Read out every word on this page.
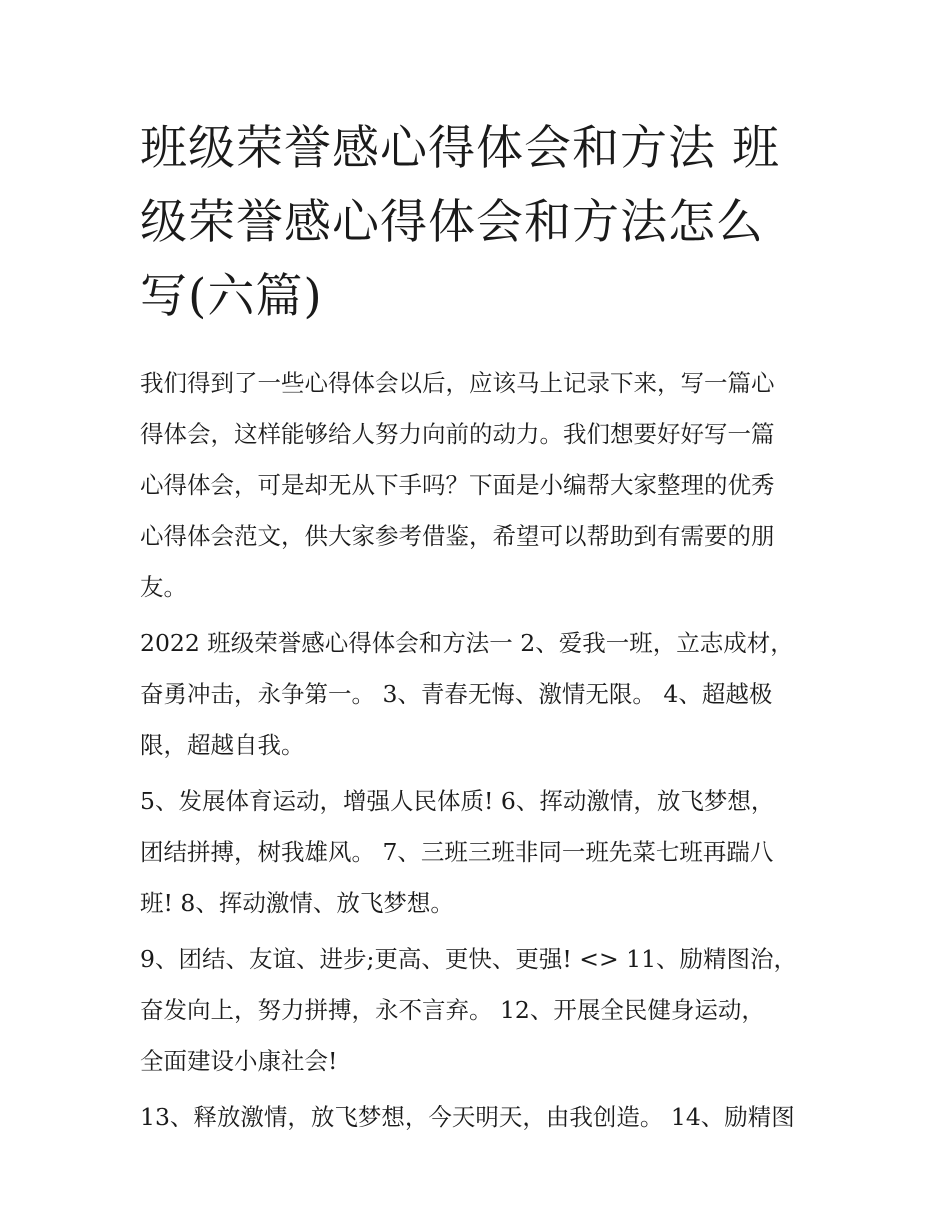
班级荣誉感心得体会和方法 班
级荣誉感心得体会和方法怎么
写(六篇)

我们得到了一些心得体会以后，应该马上记录下来，写一篇心
得体会，这样能够给人努力向前的动力。我们想要好好写一篇
心得体会，可是却无从下手吗？下面是小编帮大家整理的优秀
心得体会范文，供大家参考借鉴，希望可以帮助到有需要的朋
友。

2022 班级荣誉感心得体会和方法一 2、爱我一班，立志成材，
奋勇冲击，永争第一。 3、青春无悔、激情无限。 4、超越极
限，超越自我。

5、发展体育运动，增强人民体质! 6、挥动激情，放飞梦想，
团结拼搏，树我雄风。 7、三班三班非同一班先菜七班再踹八
班! 8、挥动激情、放飞梦想。

9、团结、友谊、进步;更高、更快、更强! <> 11、励精图治，
奋发向上，努力拼搏，永不言弃。 12、开展全民健身运动，
全面建设小康社会!

13、释放激情，放飞梦想，今天明天，由我创造。 14、励精图
